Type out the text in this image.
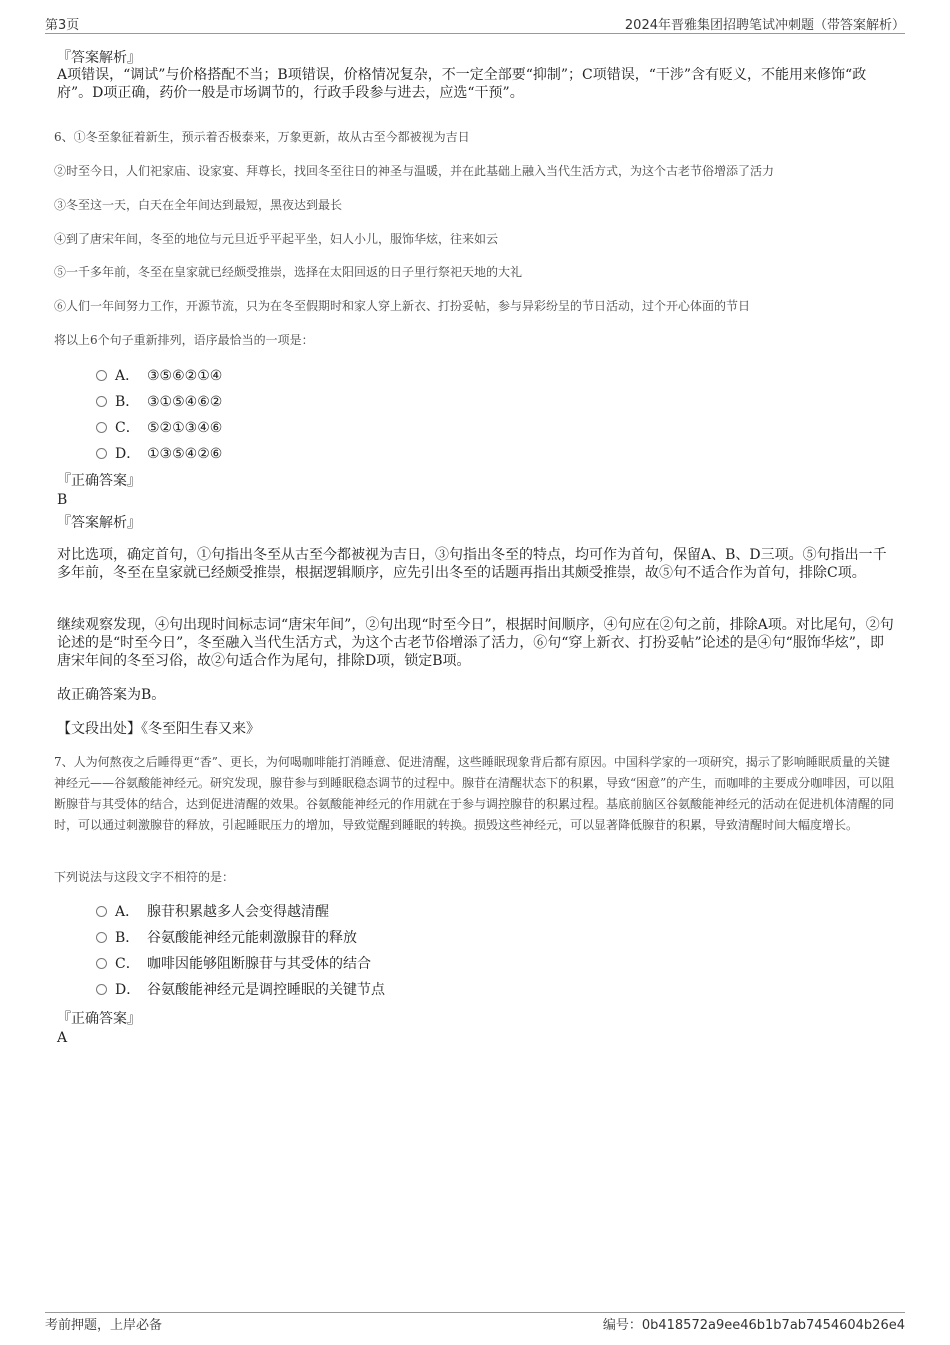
第3页	2024年晋雅集团招聘笔试冲刺题（带答案解析）
『答案解析』
A项错误，“调试”与价格搭配不当；B项错误，价格情况复杂，不一定全部要“抑制”；C项错误，“干涉”含有贬义，不能用来修饰“政府”。D项正确，药价一般是市场调节的，行政手段参与进去，应选“干预”。
6、①冬至象征着新生，预示着否极泰来，万象更新，故从古至今都被视为吉日
②时至今日，人们祀家庙、设家宴、拜尊长，找回冬至往日的神圣与温暖，并在此基础上融入当代生活方式，为这个古老节俗增添了活力
③冬至这一天，白天在全年间达到最短，黑夜达到最长
④到了唐宋年间，冬至的地位与元旦近乎平起平坐，妇人小儿，服饰华炫，往来如云
⑤一千多年前，冬至在皇家就已经颇受推崇，选择在太阳回返的日子里行祭祀天地的大礼
⑥人们一年间努力工作，开源节流，只为在冬至假期时和家人穿上新衣、打扮妥帖，参与异彩纷呈的节日活动，过个开心体面的节日
将以上6个句子重新排列，语序最恰当的一项是：
A． ③⑤⑥②①④
B． ③①⑤④⑥②
C． ⑤②①③④⑥
D． ①③⑤④②⑥
『正确答案』
B
『答案解析』
对比选项，确定首句，①句指出冬至从古至今都被视为吉日，③句指出冬至的特点，均可作为首句，保留A、B、D三项。⑤句指出一千多年前，冬至在皇家就已经颇受推崇，根据逻辑顺序，应先引出冬至的话题再指出其颇受推崇，故⑤句不适合作为首句，排除C项。
继续观察发现，④句出现时间标志词“唐宋年间”，②句出现“时至今日”，根据时间顺序，④句应在②句之前，排除A项。对比尾句，②句论述的是“时至今日”，冬至融入当代生活方式，为这个古老节俗增添了活力，⑥句“穿上新衣、打扮妥帖”论述的是④句“服饰华炫”，即唐宋年间的冬至习俗，故②句适合作为尾句，排除D项，锁定B项。
故正确答案为B。
【文段出处】《冬至阳生春又来》
7、人为何熬夜之后睡得更“香”、更长，为何喝咖啡能打消睡意、促进清醒，这些睡眠现象背后都有原因。中国科学家的一项研究，揭示了影响睡眠质量的关键神经元——谷氨酸能神经元。研究发现，腺苷参与到睡眠稳态调节的过程中。腺苷在清醒状态下的积累，导致“困意”的产生，而咖啡的主要成分咖啡因，可以阻断腺苷与其受体的结合，达到促进清醒的效果。谷氨酸能神经元的作用就在于参与调控腺苷的积累过程。基底前脑区谷氨酸能神经元的活动在促进机体清醒的同时，可以通过刺激腺苷的释放，引起睡眠压力的增加，导致觉醒到睡眠的转换。损毁这些神经元，可以显著降低腺苷的积累，导致清醒时间大幅度增长。
下列说法与这段文字不相符的是：
A． 腺苷积累越多人会变得越清醒
B． 谷氨酸能神经元能刺激腺苷的释放
C． 咖啡因能够阻断腺苷与其受体的结合
D． 谷氨酸能神经元是调控睡眠的关键节点
『正确答案』
A
考前押题，上岸必备	编号：0b418572a9ee46b1b7ab7454604b26e4
